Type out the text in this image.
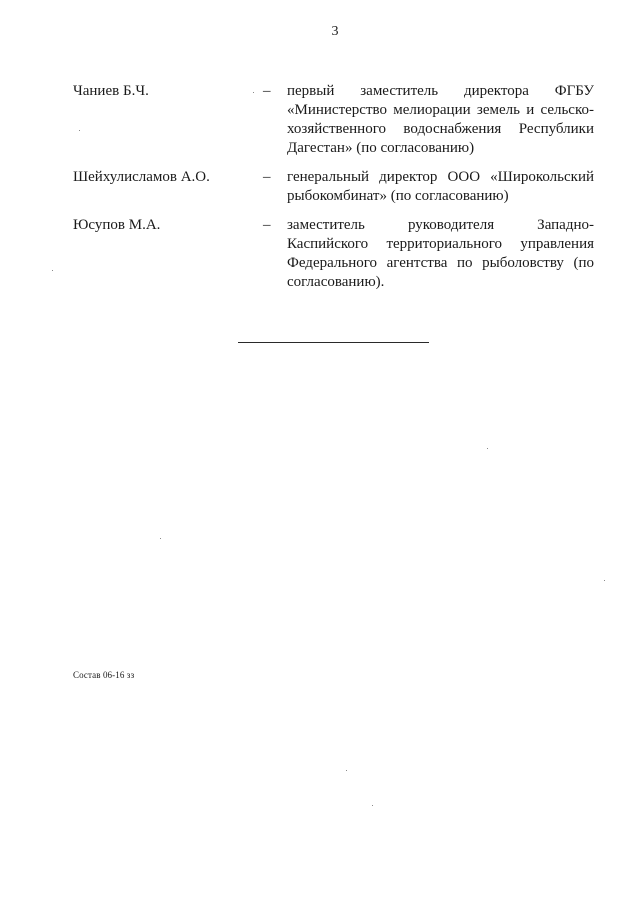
3
Чаниев Б.Ч.	– первый заместитель директора ФГБУ «Министерство мелиорации земель и сельско-хозяйственного водоснабжения Республики Дагестан» (по согласованию)
Шейхулисламов А.О.	– генеральный директор ООО «Широкольский рыбокомбинат» (по согласованию)
Юсупов М.А.	– заместитель руководителя Западно-Каспийского территориального управления Федерального агентства по рыболовству (по согласованию).
Состав 06-16 зз
